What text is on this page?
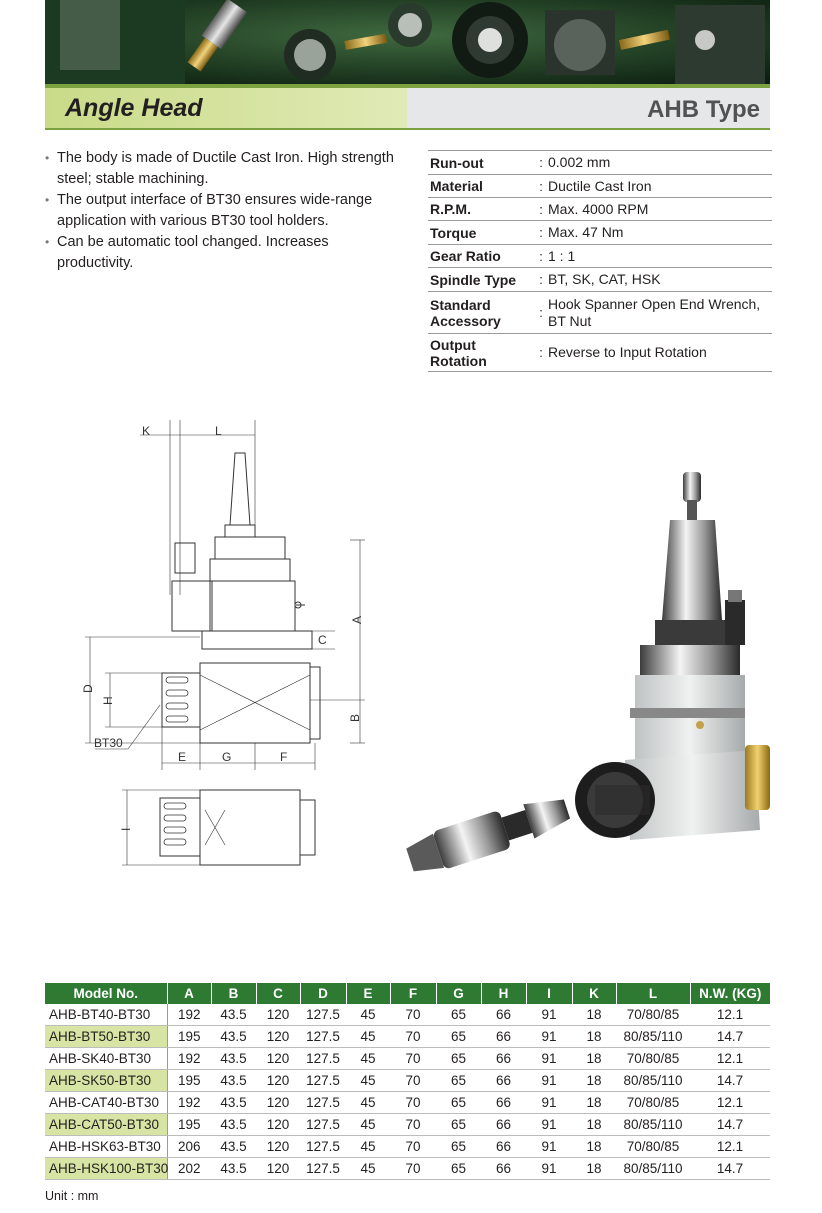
Angle Head	AHB Type
• The body is made of Ductile Cast Iron. High strength steel; stable machining.
• The output interface of BT30 ensures wide-range application with various BT30 tool holders.
• Can be automatic tool changed. Increases productivity.
Run-out	:	0.002 mm
Material	:	Ductile Cast Iron
R.P.M.	:	Max. 4000 RPM
Torque	:	Max. 47 Nm
Gear Ratio	:	1 : 1
Spindle Type	:	BT, SK, CAT, HSK
Standard Accessory	:	Hook Spanner Open End Wrench, BT Nut
Output Rotation	:	Reverse to Input Rotation
K	L
A
B
C
D
H
BT30
E	G	F
I
Model No.	A	B	C	D	E	F	G	H	I	K	L	N.W. (KG)
AHB-BT40-BT30	192	43.5	120	127.5	45	70	65	66	91	18	70/80/85	12.1
AHB-BT50-BT30	195	43.5	120	127.5	45	70	65	66	91	18	80/85/110	14.7
AHB-SK40-BT30	192	43.5	120	127.5	45	70	65	66	91	18	70/80/85	12.1
AHB-SK50-BT30	195	43.5	120	127.5	45	70	65	66	91	18	80/85/110	14.7
AHB-CAT40-BT30	192	43.5	120	127.5	45	70	65	66	91	18	70/80/85	12.1
AHB-CAT50-BT30	195	43.5	120	127.5	45	70	65	66	91	18	80/85/110	14.7
AHB-HSK63-BT30	206	43.5	120	127.5	45	70	65	66	91	18	70/80/85	12.1
AHB-HSK100-BT30	202	43.5	120	127.5	45	70	65	66	91	18	80/85/110	14.7
Unit : mm
